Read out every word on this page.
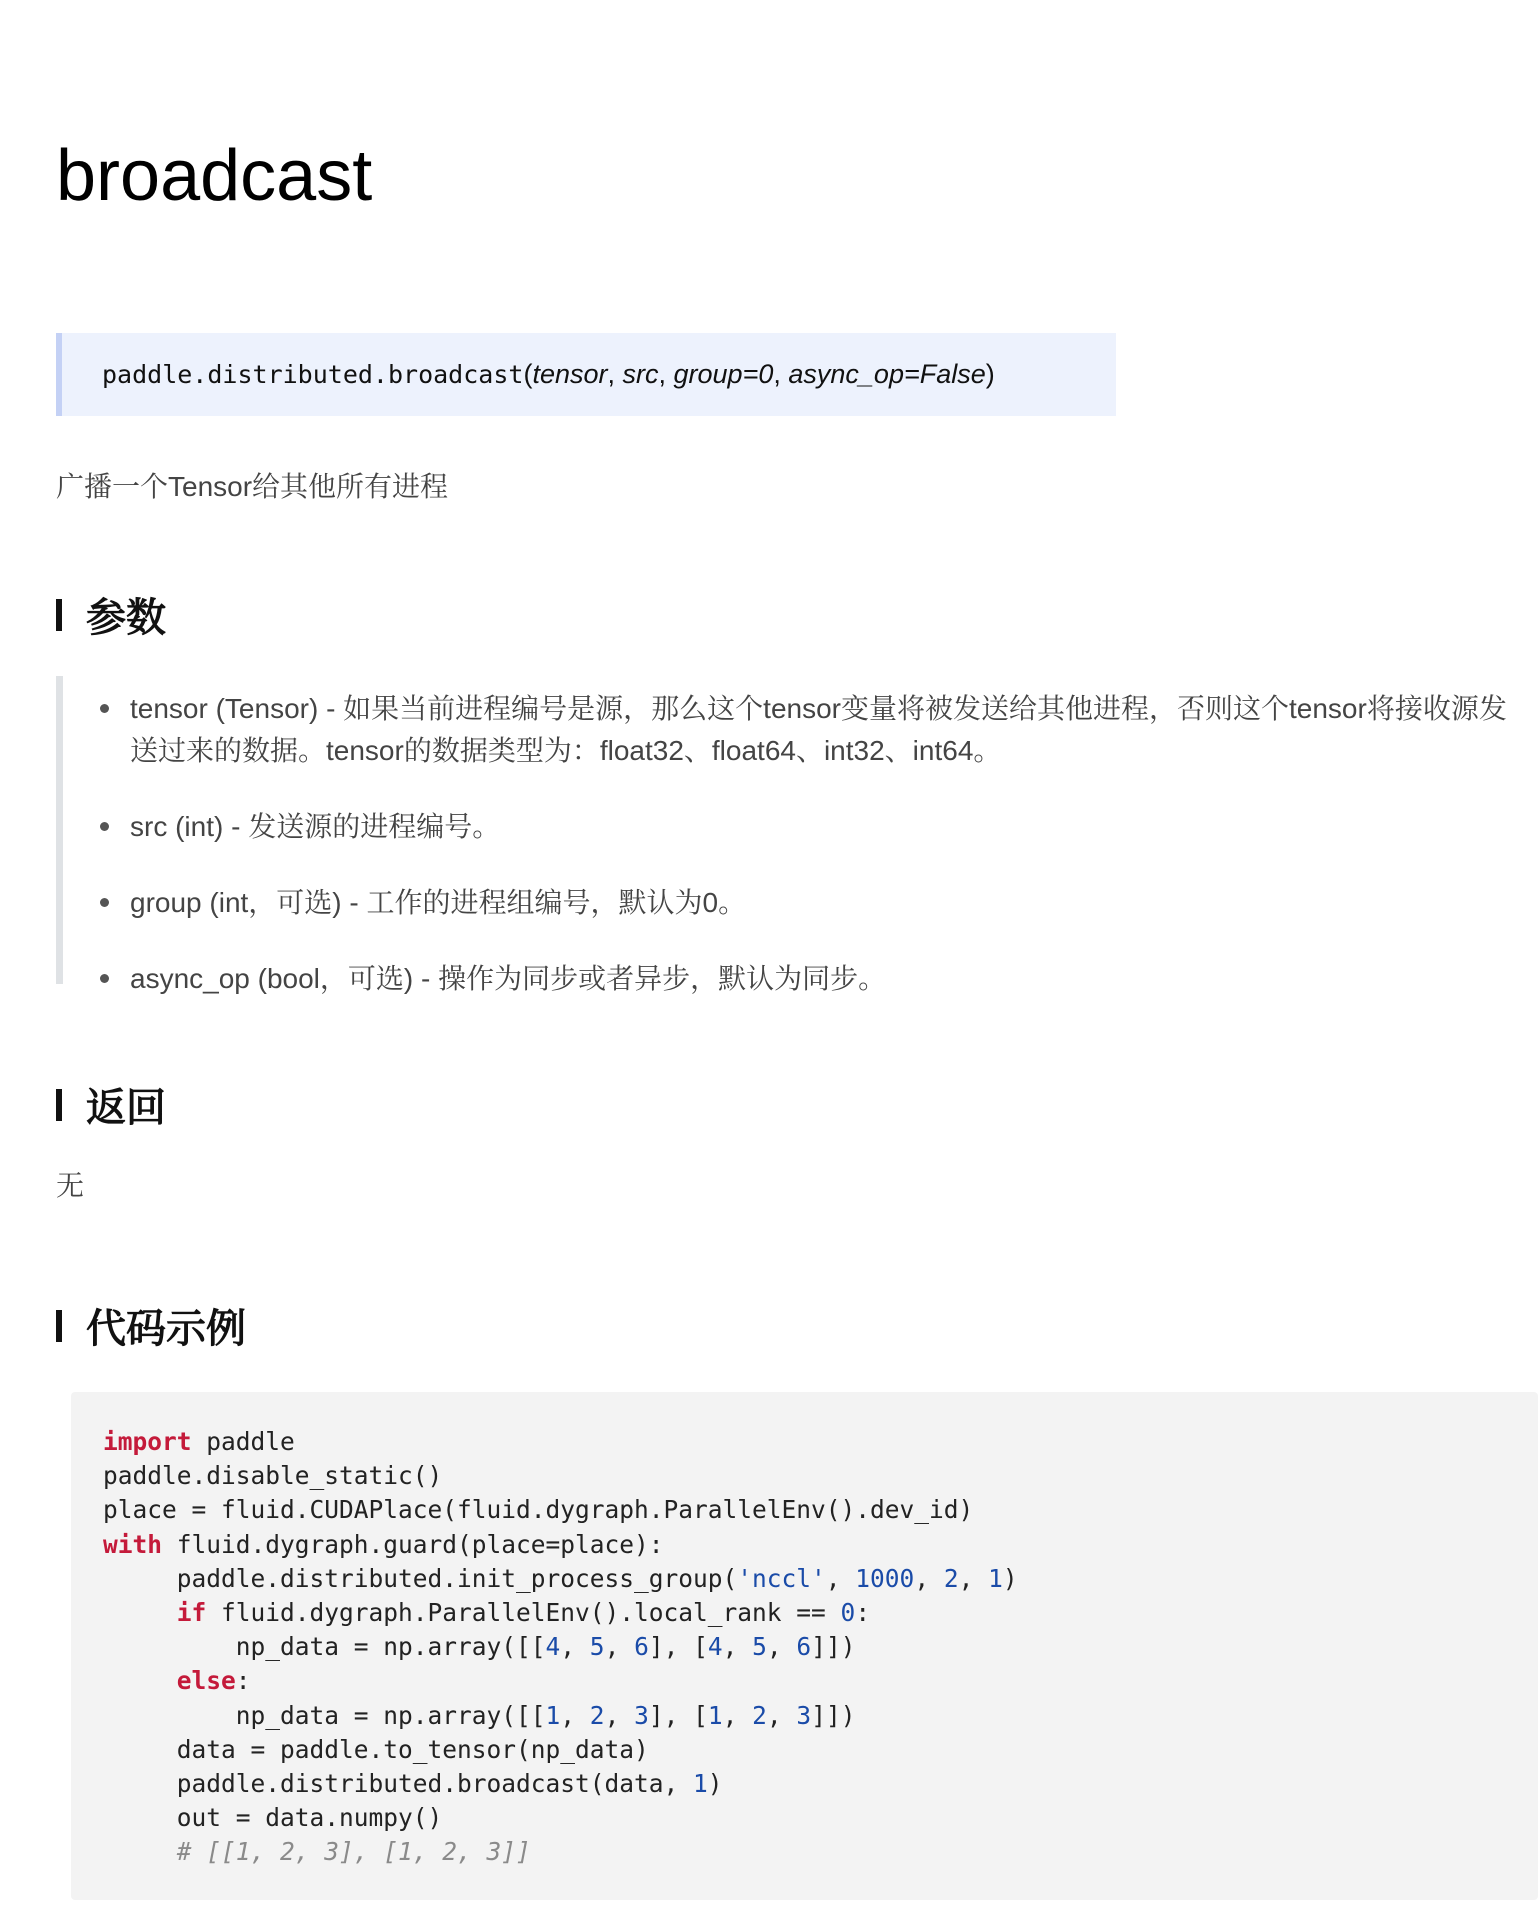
broadcast
paddle.distributed.broadcast ( tensor, src, group=0, async_op=False )

广播一个Tensor给其他所有进程

参数
tensor (Tensor) - 如果当前进程编号是源，那么这个tensor变量将被发送给其他进程，否则这个tensor将接收源发送过来的数据。tensor的数据类型为：float32、float64、int32、int64。
src (int) - 发送源的进程编号。
group (int，可选) - 工作的进程组编号，默认为0。
async_op (bool，可选) - 操作为同步或者异步，默认为同步。
返回

无

代码示例
import paddle
paddle.disable_static()
place = fluid.CUDAPlace(fluid.dygraph.ParallelEnv().dev_id)
with fluid.dygraph.guard(place=place):
paddle.distributed.init_process_group('nccl', 1000, 2, 1)
if fluid.dygraph.ParallelEnv().local_rank == 0:
np_data = np.array([[4, 5, 6], [4, 5, 6]])
else:
np_data = np.array([[1, 2, 3], [1, 2, 3]])
data = paddle.to_tensor(np_data)
paddle.distributed.broadcast(data, 1)
out = data.numpy()
# [[1, 2, 3], [1, 2, 3]]
